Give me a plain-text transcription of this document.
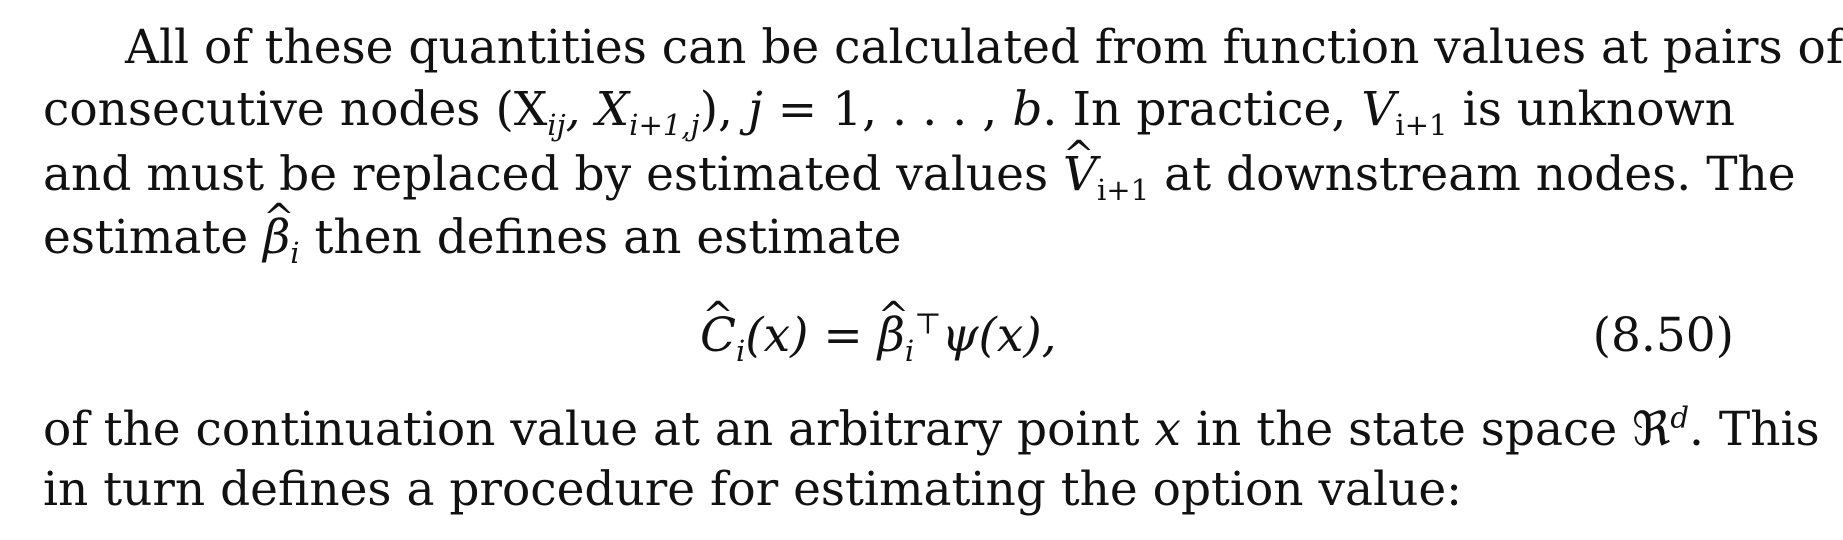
All of these quantities can be calculated from function values at pairs of
consecutive nodes ($X_{ij}$, $X_{i+1,j}$), j = 1, . . . , b. In practice, $V_{i+1}$ is unknown
and must be replaced by estimated values ^ $V_{i+1}$ at downstream nodes. The
estimate ^ $\beta_i$ then defines an estimate
^ $C_i(x)$ = ^ $\beta_i^⊤\psi(x)$,	(8.50)
of the continuation value at an arbitrary point x in the state space ℜ$^d$. This
in turn defines a procedure for estimating the option value:
